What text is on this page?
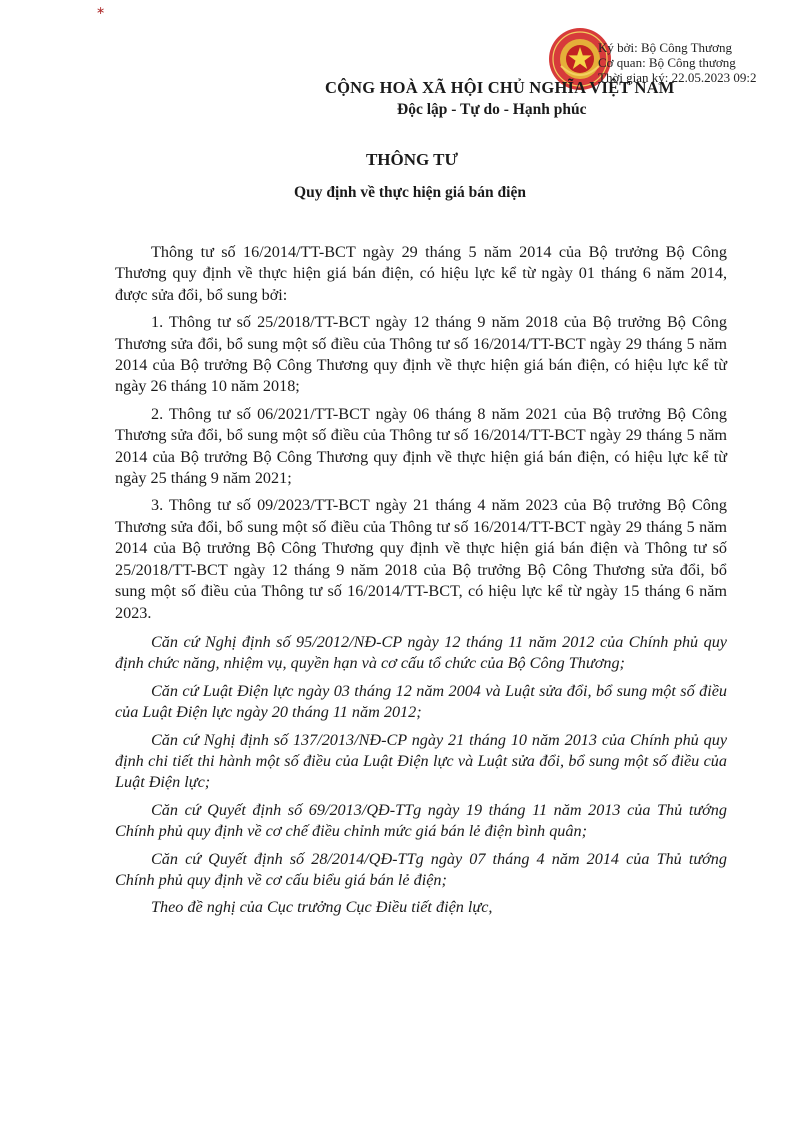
∗
Ký bởi: Bộ Công Thương
Cơ quan: Bộ Công thương
Thời gian ký: 22.05.2023 09:2
CỘNG HOÀ XÃ HỘI CHỦ NGHĨA VIỆT NAM
Độc lập - Tự do - Hạnh phúc
THÔNG TƯ
Quy định về thực hiện giá bán điện

Thông tư số 16/2014/TT-BCT ngày 29 tháng 5 năm 2014 của Bộ trưởng Bộ Công Thương quy định về thực hiện giá bán điện, có hiệu lực kể từ ngày 01 tháng 6 năm 2014, được sửa đổi, bổ sung bởi:

1. Thông tư số 25/2018/TT-BCT ngày 12 tháng 9 năm 2018 của Bộ trưởng Bộ Công Thương sửa đổi, bổ sung một số điều của Thông tư số 16/2014/TT-BCT ngày 29 tháng 5 năm 2014 của Bộ trưởng Bộ Công Thương quy định về thực hiện giá bán điện, có hiệu lực kể từ ngày 26 tháng 10 năm 2018;

2. Thông tư số 06/2021/TT-BCT ngày 06 tháng 8 năm 2021 của Bộ trưởng Bộ Công Thương sửa đổi, bổ sung một số điều của Thông tư số 16/2014/TT-BCT ngày 29 tháng 5 năm 2014 của Bộ trưởng Bộ Công Thương quy định về thực hiện giá bán điện, có hiệu lực kể từ ngày 25 tháng 9 năm 2021;

3. Thông tư số 09/2023/TT-BCT ngày 21 tháng 4 năm 2023 của Bộ trưởng Bộ Công Thương sửa đổi, bổ sung một số điều của Thông tư số 16/2014/TT-BCT ngày 29 tháng 5 năm 2014 của Bộ trưởng Bộ Công Thương quy định về thực hiện giá bán điện và Thông tư số 25/2018/TT-BCT ngày 12 tháng 9 năm 2018 của Bộ trưởng Bộ Công Thương sửa đổi, bổ sung một số điều của Thông tư số 16/2014/TT-BCT, có hiệu lực kể từ ngày 15 tháng 6 năm 2023.

Căn cứ Nghị định số 95/2012/NĐ-CP ngày 12 tháng 11 năm 2012 của Chính phủ quy định chức năng, nhiệm vụ, quyền hạn và cơ cấu tổ chức của Bộ Công Thương;

Căn cứ Luật Điện lực ngày 03 tháng 12 năm 2004 và Luật sửa đổi, bổ sung một số điều của Luật Điện lực ngày 20 tháng 11 năm 2012;

Căn cứ Nghị định số 137/2013/NĐ-CP ngày 21 tháng 10 năm 2013 của Chính phủ quy định chi tiết thi hành một số điều của Luật Điện lực và Luật sửa đổi, bổ sung một số điều của Luật Điện lực;

Căn cứ Quyết định số 69/2013/QĐ-TTg ngày 19 tháng 11 năm 2013 của Thủ tướng Chính phủ quy định về cơ chế điều chỉnh mức giá bán lẻ điện bình quân;

Căn cứ Quyết định số 28/2014/QĐ-TTg ngày 07 tháng 4 năm 2014 của Thủ tướng Chính phủ quy định về cơ cấu biểu giá bán lẻ điện;

Theo đề nghị của Cục trưởng Cục Điều tiết điện lực,
